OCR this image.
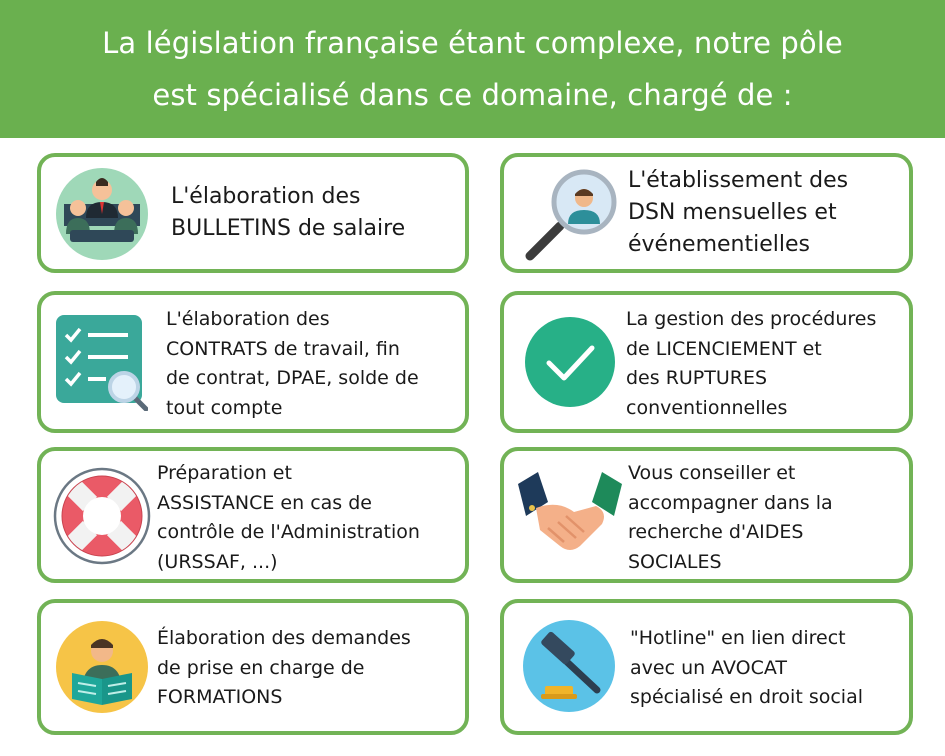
La législation française étant complexe, notre pôle
est spécialisé dans ce domaine, chargé de :
L'élaboration des
BULLETINS de salaire
L'établissement des
DSN mensuelles et
événementielles
L'élaboration des
CONTRATS de travail, fin
de contrat, DPAE, solde de
tout compte
La gestion des procédures
de LICENCIEMENT et
des RUPTURES
conventionnelles
Préparation et
ASSISTANCE en cas de
contrôle de l'Administration
(URSSAF, ...)
Vous conseiller et
accompagner dans la
recherche d'AIDES
SOCIALES
Élaboration des demandes
de prise en charge de
FORMATIONS
"Hotline" en lien direct
avec un AVOCAT
spécialisé en droit social
